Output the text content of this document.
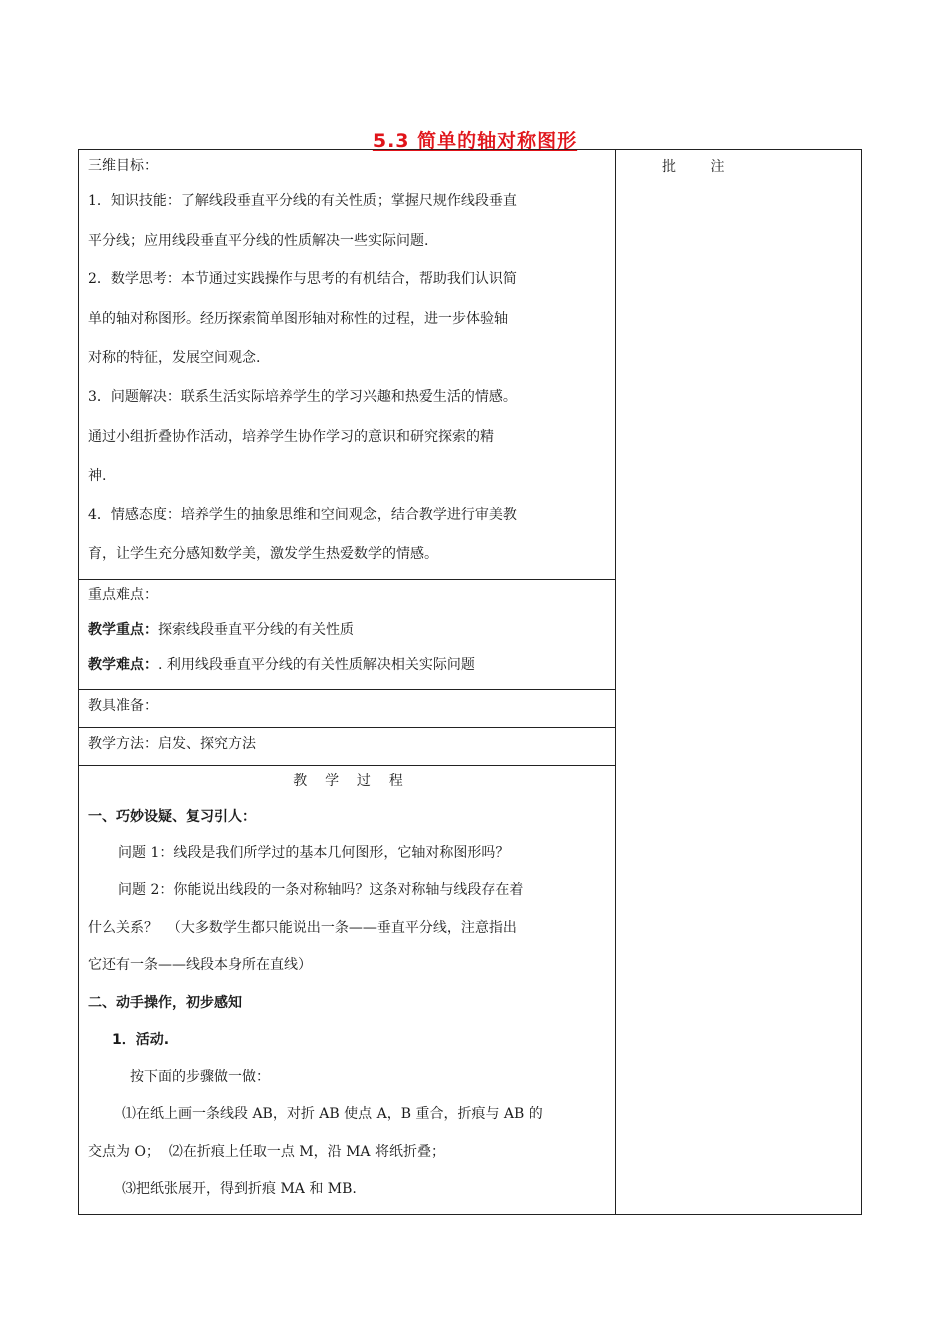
5.3 简单的轴对称图形
批 注
三维目标：
1．知识技能：了解线段垂直平分线的有关性质；掌握尺规作线段垂直
平分线；应用线段垂直平分线的性质解决一些实际问题.
2．数学思考：本节通过实践操作与思考的有机结合，帮助我们认识简
单的轴对称图形。经历探索简单图形轴对称性的过程，进一步体验轴
对称的特征，发展空间观念.
3．问题解决：联系生活实际培养学生的学习兴趣和热爱生活的情感。
通过小组折叠协作活动，培养学生协作学习的意识和研究探索的精
神.
4．情感态度：培养学生的抽象思维和空间观念，结合教学进行审美教
育，让学生充分感知数学美，激发学生热爱数学的情感。
重点难点：
教学重点：探索线段垂直平分线的有关性质
教学难点：. 利用线段垂直平分线的有关性质解决相关实际问题
教具准备：
教学方法：启发、探究方法
教    学    过    程
一、巧妙设疑、复习引人：
问题 1：线段是我们所学过的基本几何图形，它轴对称图形吗？
问题 2：你能说出线段的一条对称轴吗？这条对称轴与线段存在着
什么关系？  （大多数学生都只能说出一条——垂直平分线，注意指出
它还有一条——线段本身所在直线）
二、动手操作，初步感知
1．活动.
按下面的步骤做一做：
⑴在纸上画一条线段 AB，对折 AB 使点 A，B 重合，折痕与 AB 的
交点为 O；  ⑵在折痕上任取一点 M，沿 MA 将纸折叠；
⑶把纸张展开，得到折痕 MA 和 MB.
